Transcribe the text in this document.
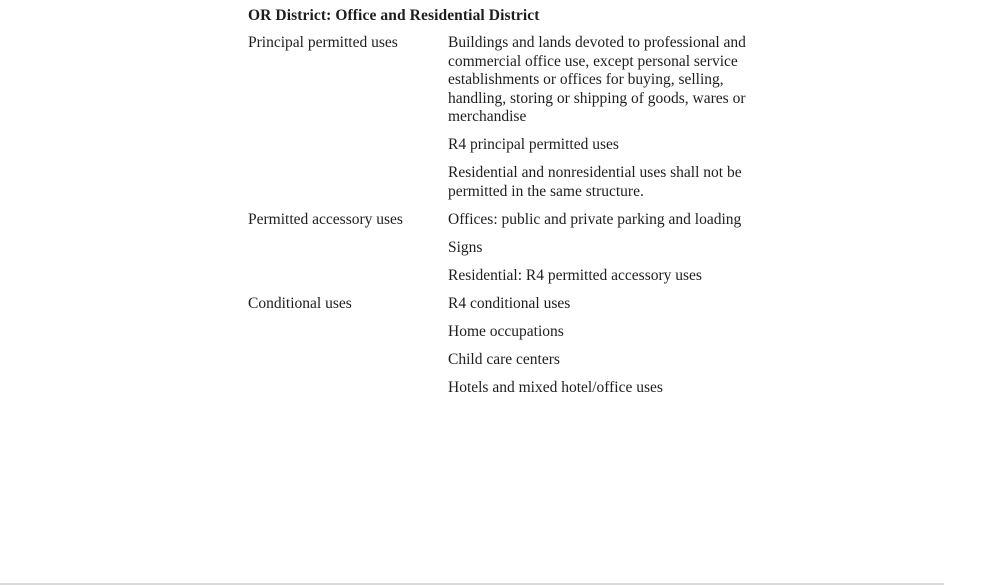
OR District: Office and Residential District
Principal permitted uses	Buildings and lands devoted to professional and commercial office use, except personal service establishments or offices for buying, selling, handling, storing or shipping of goods, wares or merchandise

R4 principal permitted uses

Residential and nonresidential uses shall not be permitted in the same structure.

Permitted accessory uses	Offices: public and private parking and loading

Signs

Residential: R4 permitted accessory uses

Conditional uses	R4 conditional uses

Home occupations

Child care centers

Hotels and mixed hotel/office uses
